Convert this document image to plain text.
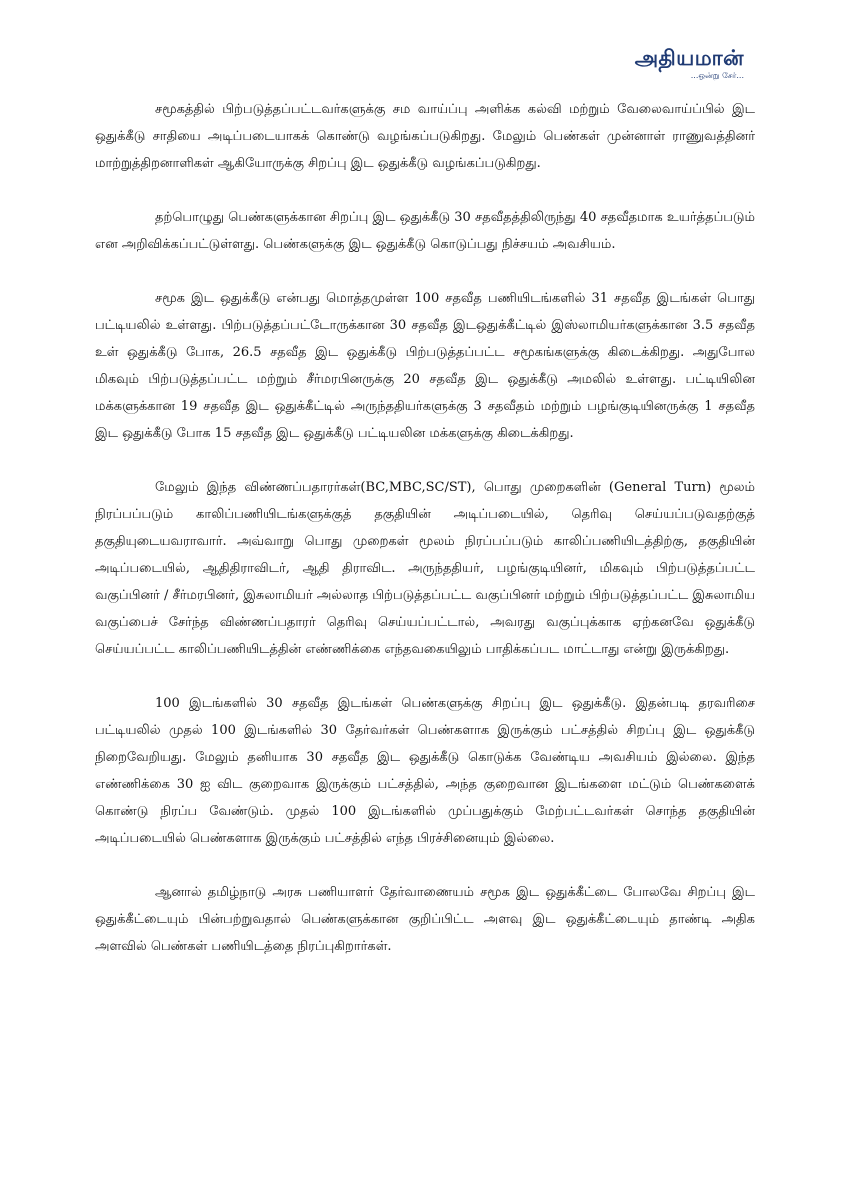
அதியமான்
...ஒன்று சேர்...

சமூகத்தில் பிற்படுத்தப்பட்டவர்களுக்கு சம வாய்ப்பு அளிக்க கல்வி மற்றும் வேலைவாய்ப்பில் இட ஒதுக்கீடு சாதியை அடிப்படையாகக் கொண்டு வழங்கப்படுகிறது. மேலும் பெண்கள் முன்னாள் ராணுவத்தினர் மாற்றுத்திறனாளிகள் ஆகியோருக்கு சிறப்பு இட ஒதுக்கீடு வழங்கப்படுகிறது.

தற்பொழுது பெண்களுக்கான சிறப்பு இட ஒதுக்கீடு 30 சதவீதத்திலிருந்து 40 சதவீதமாக உயர்த்தப்படும் என அறிவிக்கப்பட்டுள்ளது. பெண்களுக்கு இட ஒதுக்கீடு கொடுப்பது நிச்சயம் அவசியம்.

சமூக இட ஒதுக்கீடு என்பது மொத்தமுள்ள 100 சதவீத பணியிடங்களில் 31 சதவீத இடங்கள் பொது பட்டியலில் உள்ளது. பிற்படுத்தப்பட்டோருக்கான 30 சதவீத இடஒதுக்கீட்டில் இஸ்லாமியர்களுக்கான 3.5 சதவீத உள் ஒதுக்கீடு போக, 26.5 சதவீத இட ஒதுக்கீடு பிற்படுத்தப்பட்ட சமூகங்களுக்கு கிடைக்கிறது. அதுபோல மிகவும் பிற்படுத்தப்பட்ட மற்றும் சீர்மரபினருக்கு 20 சதவீத இட ஒதுக்கீடு அமலில் உள்ளது. பட்டியிலின மக்களுக்கான 19 சதவீத இட ஒதுக்கீட்டில் அருந்ததியர்களுக்கு 3 சதவீதம் மற்றும் பழங்குடியினருக்கு 1 சதவீத இட ஒதுக்கீடு போக 15 சதவீத இட ஒதுக்கீடு பட்டியலின மக்களுக்கு கிடைக்கிறது.

மேலும் இந்த விண்ணப்பதாரர்கள்(BC,MBC,SC/ST), பொது முறைகளின் (General Turn) மூலம் நிரப்பப்படும் காலிப்பணியிடங்களுக்குத் தகுதியின் அடிப்படையில், தெரிவு செய்யப்படுவதற்குத் தகுதியுடையவராவார். அவ்வாறு பொது முறைகள் மூலம் நிரப்பப்படும் காலிப்பணியிடத்திற்கு, தகுதியின் அடிப்படையில், ஆதிதிராவிடர், ஆதி திராவிட. அருந்ததியர், பழங்குடியினர், மிகவும் பிற்படுத்தப்பட்ட வகுப்பினர் / சீர்மரபினர், இசுலாமியர் அல்லாத பிற்படுத்தப்பட்ட வகுப்பினர் மற்றும் பிற்படுத்தப்பட்ட இசுலாமிய வகுப்பைச் சேர்ந்த விண்ணப்பதாரர் தெரிவு செய்யப்பட்டால், அவரது வகுப்புக்காக ஏற்கனவே ஒதுக்கீடு செய்யப்பட்ட காலிப்பணியிடத்தின் எண்ணிக்கை எந்தவகையிலும் பாதிக்கப்பட மாட்டாது என்று இருக்கிறது.

100 இடங்களில் 30 சதவீத இடங்கள் பெண்களுக்கு சிறப்பு இட ஒதுக்கீடு. இதன்படி தரவரிசை பட்டியலில் முதல் 100 இடங்களில் 30 தேர்வர்கள் பெண்களாக இருக்கும் பட்சத்தில் சிறப்பு இட ஒதுக்கீடு நிறைவேறியது. மேலும் தனியாக 30 சதவீத இட ஒதுக்கீடு கொடுக்க வேண்டிய அவசியம் இல்லை. இந்த எண்ணிக்கை 30 ஐ விட குறைவாக இருக்கும் பட்சத்தில், அந்த குறைவான இடங்களை மட்டும் பெண்களைக் கொண்டு நிரப்ப வேண்டும். முதல் 100 இடங்களில் முப்பதுக்கும் மேற்பட்டவர்கள் சொந்த தகுதியின் அடிப்படையில் பெண்களாக இருக்கும் பட்சத்தில் எந்த பிரச்சினையும் இல்லை.

ஆனால் தமிழ்நாடு அரசு பணியாளர் தேர்வாணையம் சமூக இட ஒதுக்கீட்டை போலவே சிறப்பு இட ஒதுக்கீட்டையும் பின்பற்றுவதால் பெண்களுக்கான குறிப்பிட்ட அளவு இட ஒதுக்கீட்டையும் தாண்டி அதிக அளவில் பெண்கள் பணியிடத்தை நிரப்புகிறார்கள்.
